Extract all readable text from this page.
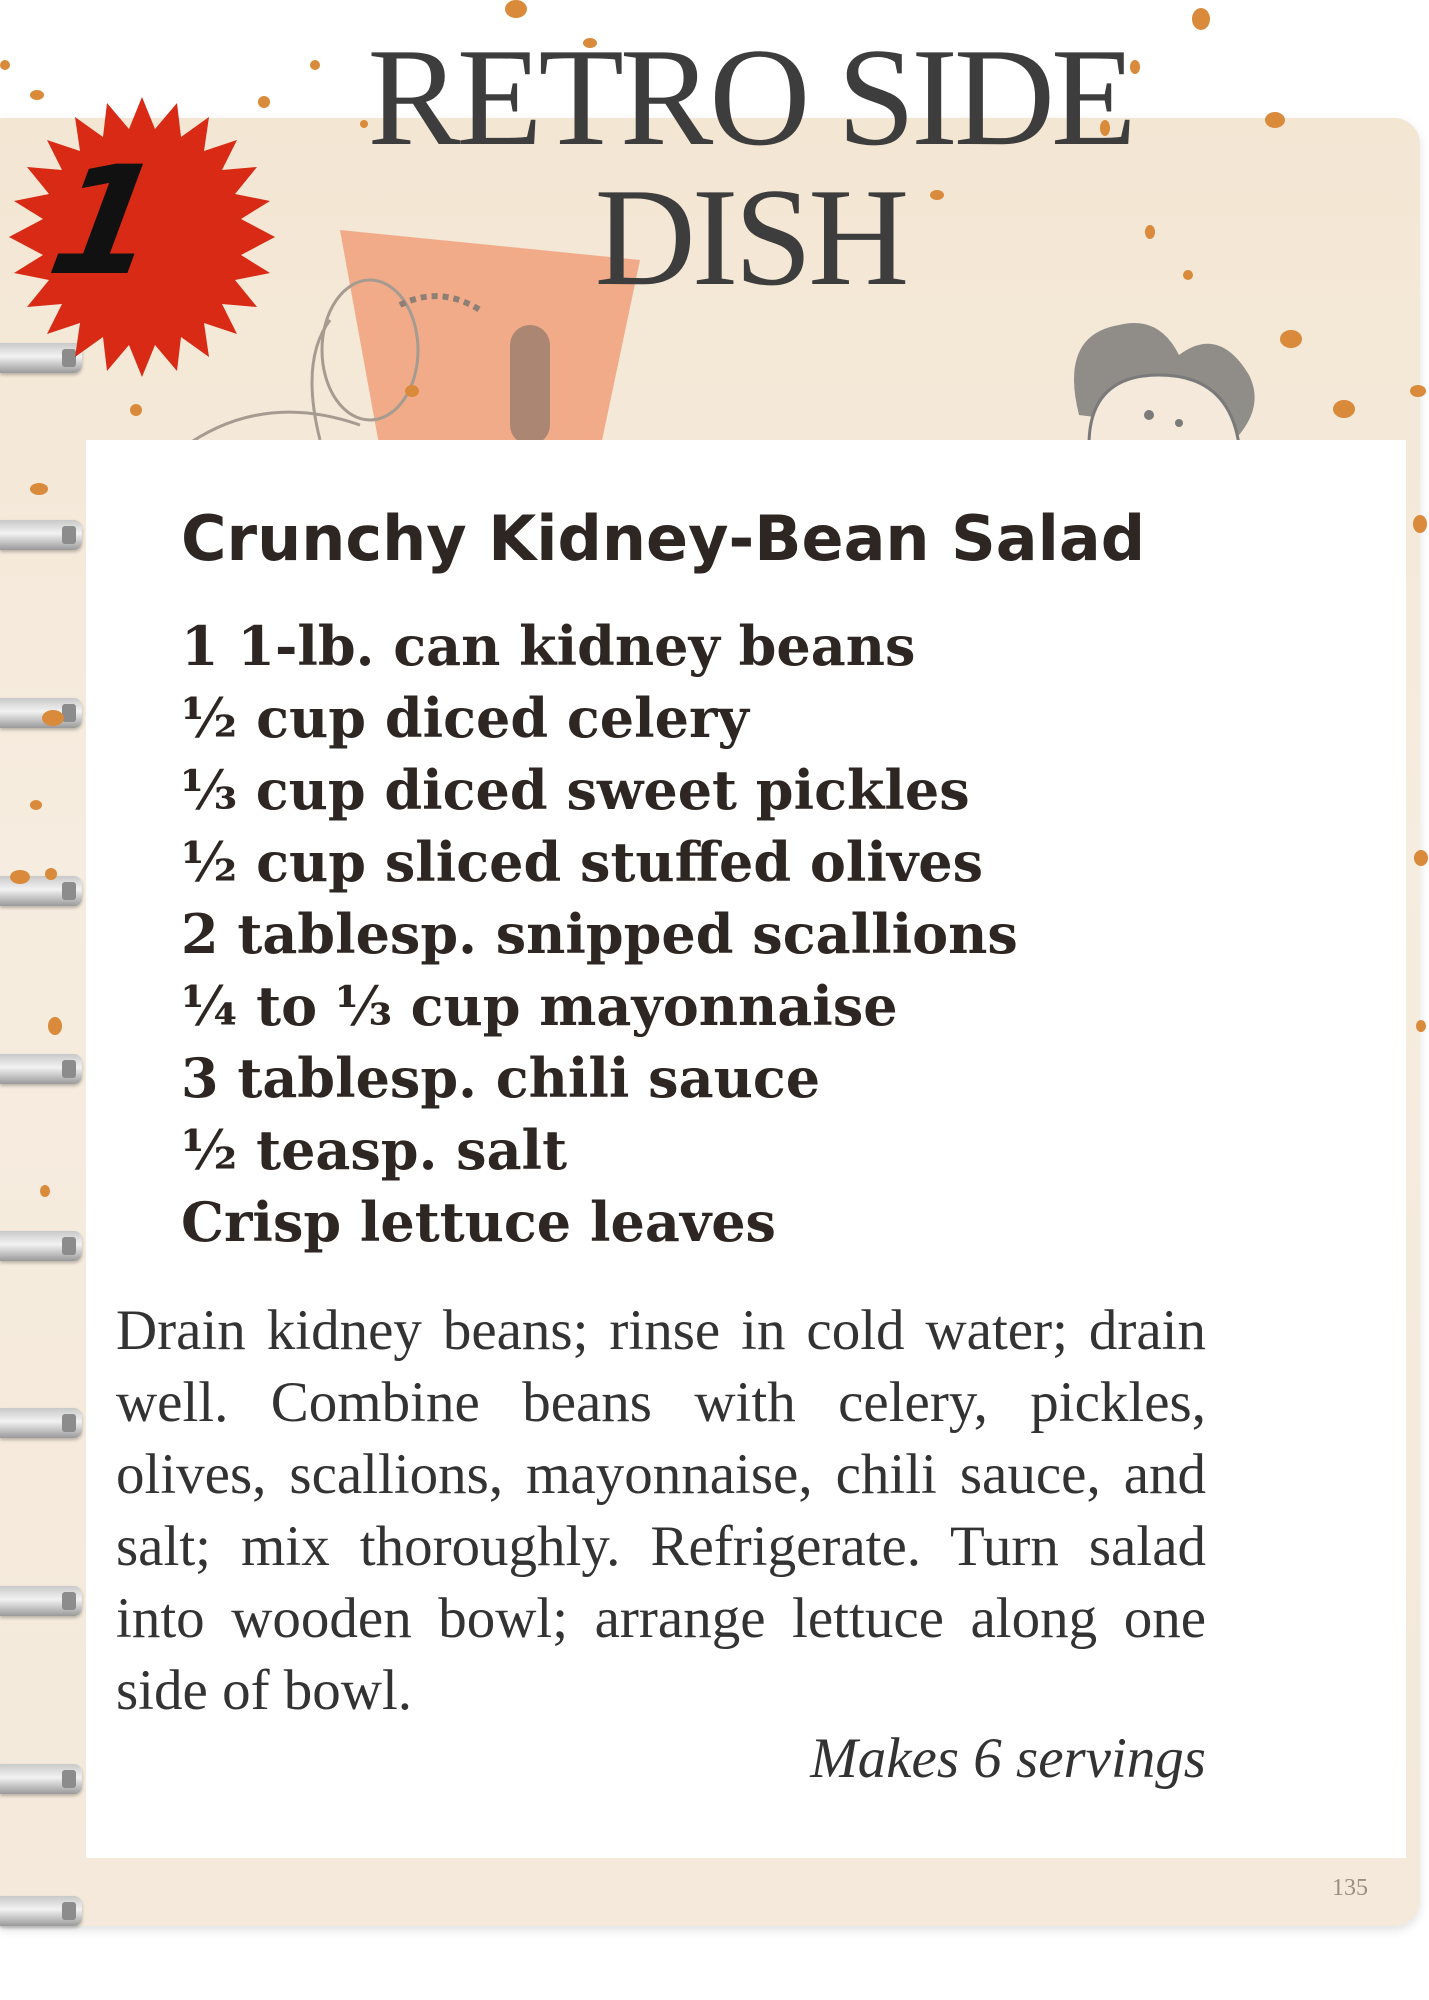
1
RETRO SIDE
DISH
Crunchy Kidney-Bean Salad
1 1-lb. can kidney beans
½ cup diced celery
⅓ cup diced sweet pickles
½ cup sliced stuffed olives
2 tablesp. snipped scallions
¼ to ⅓ cup mayonnaise
3 tablesp. chili sauce
½ teasp. salt
Crisp lettuce leaves

Drain kidney beans; rinse in cold water; drain well. Combine beans with celery, pickles, olives, scallions, mayonnaise, chili sauce, and salt; mix thoroughly. Refrigerate. Turn salad into wooden bowl; arrange lettuce along one side of bowl.

Makes 6 servings
135
